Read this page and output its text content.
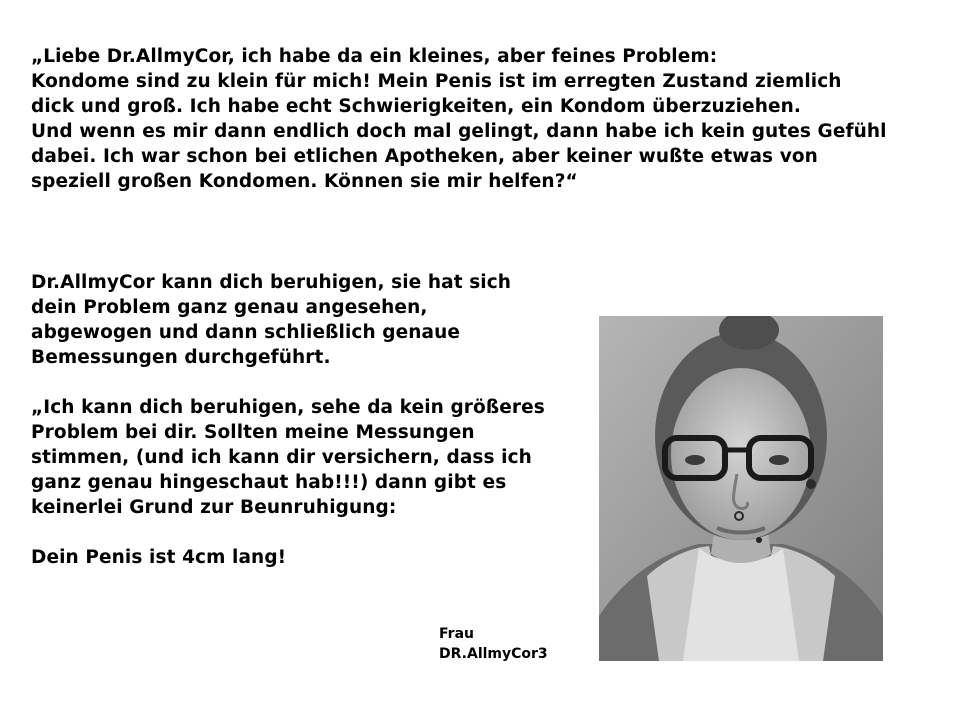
„Liebe Dr.AllmyCor, ich habe da ein kleines, aber feines Problem:
Kondome sind zu klein für mich! Mein Penis ist im erregten Zustand ziemlich
dick und groß. Ich habe echt Schwierigkeiten, ein Kondom überzuziehen.
Und wenn es mir dann endlich doch mal gelingt, dann habe ich kein gutes Gefühl
dabei. Ich war schon bei etlichen Apotheken, aber keiner wußte etwas von
speziell großen Kondomen. Können sie mir helfen?“

Dr.AllmyCor kann dich beruhigen, sie hat sich
dein Problem ganz genau angesehen,
abgewogen und dann schließlich genaue
Bemessungen durchgeführt.

„Ich kann dich beruhigen, sehe da kein größeres
Problem bei dir. Sollten meine Messungen
stimmen, (und ich kann dir versichern, dass ich
ganz genau hingeschaut hab!!!) dann gibt es
keinerlei Grund zur Beunruhigung:

Dein Penis ist 4cm lang!

Frau
DR.AllmyCor3
